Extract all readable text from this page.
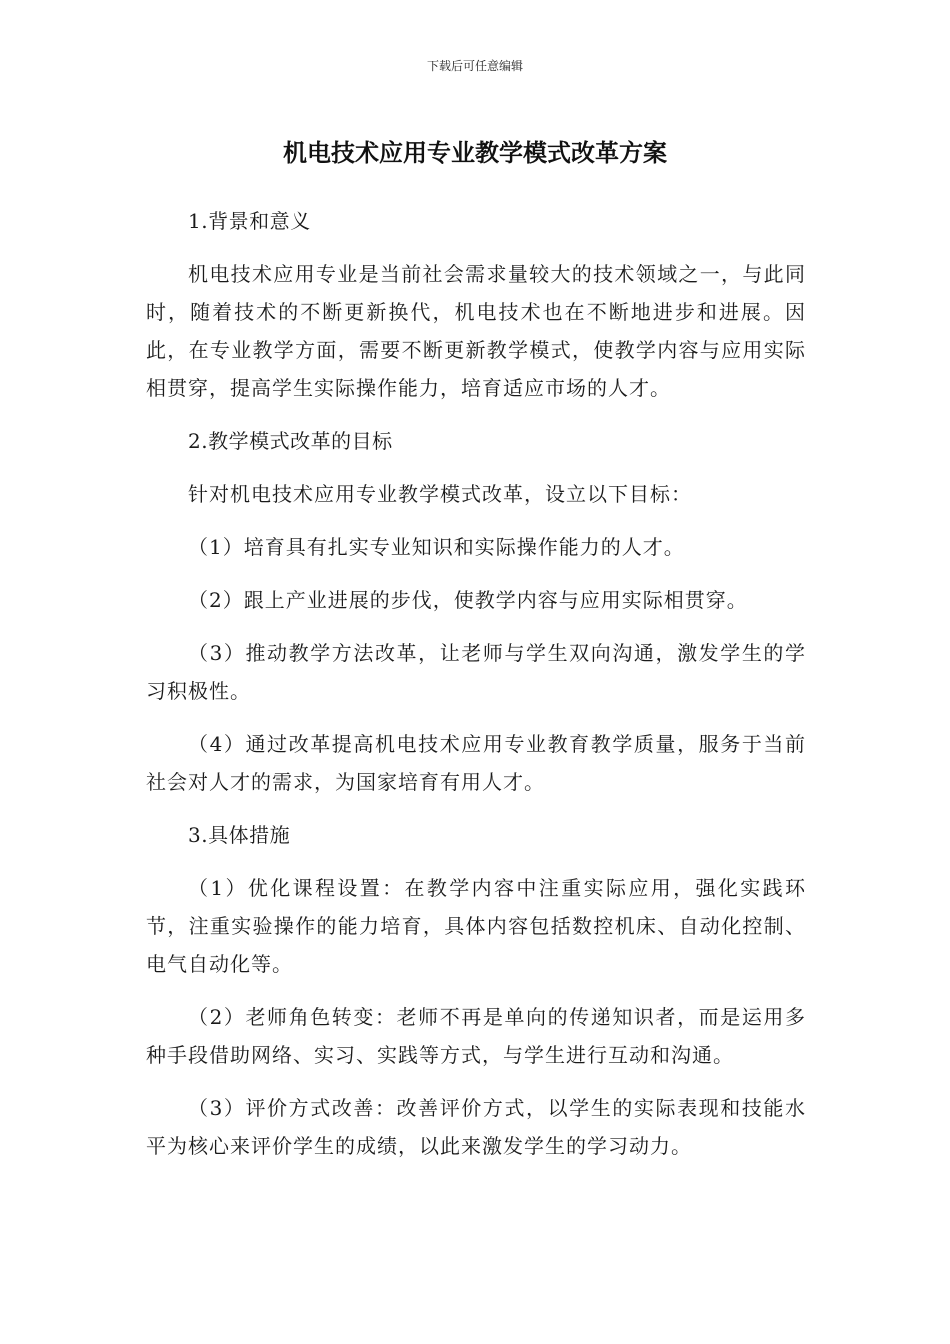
下载后可任意编辑
机电技术应用专业教学模式改革方案
1.背景和意义

机电技术应用专业是当前社会需求量较大的技术领域之一，与此同时，随着技术的不断更新换代，机电技术也在不断地进步和进展。因此，在专业教学方面，需要不断更新教学模式，使教学内容与应用实际相贯穿，提高学生实际操作能力，培育适应市场的人才。

2.教学模式改革的目标

针对机电技术应用专业教学模式改革，设立以下目标：

（1）培育具有扎实专业知识和实际操作能力的人才。

（2）跟上产业进展的步伐，使教学内容与应用实际相贯穿。

（3）推动教学方法改革，让老师与学生双向沟通，激发学生的学习积极性。

（4）通过改革提高机电技术应用专业教育教学质量，服务于当前社会对人才的需求，为国家培育有用人才。

3.具体措施

（1）优化课程设置：在教学内容中注重实际应用，强化实践环节，注重实验操作的能力培育，具体内容包括数控机床、自动化控制、电气自动化等。

（2）老师角色转变：老师不再是单向的传递知识者，而是运用多种手段借助网络、实习、实践等方式，与学生进行互动和沟通。

（3）评价方式改善：改善评价方式，以学生的实际表现和技能水平为核心来评价学生的成绩，以此来激发学生的学习动力。
